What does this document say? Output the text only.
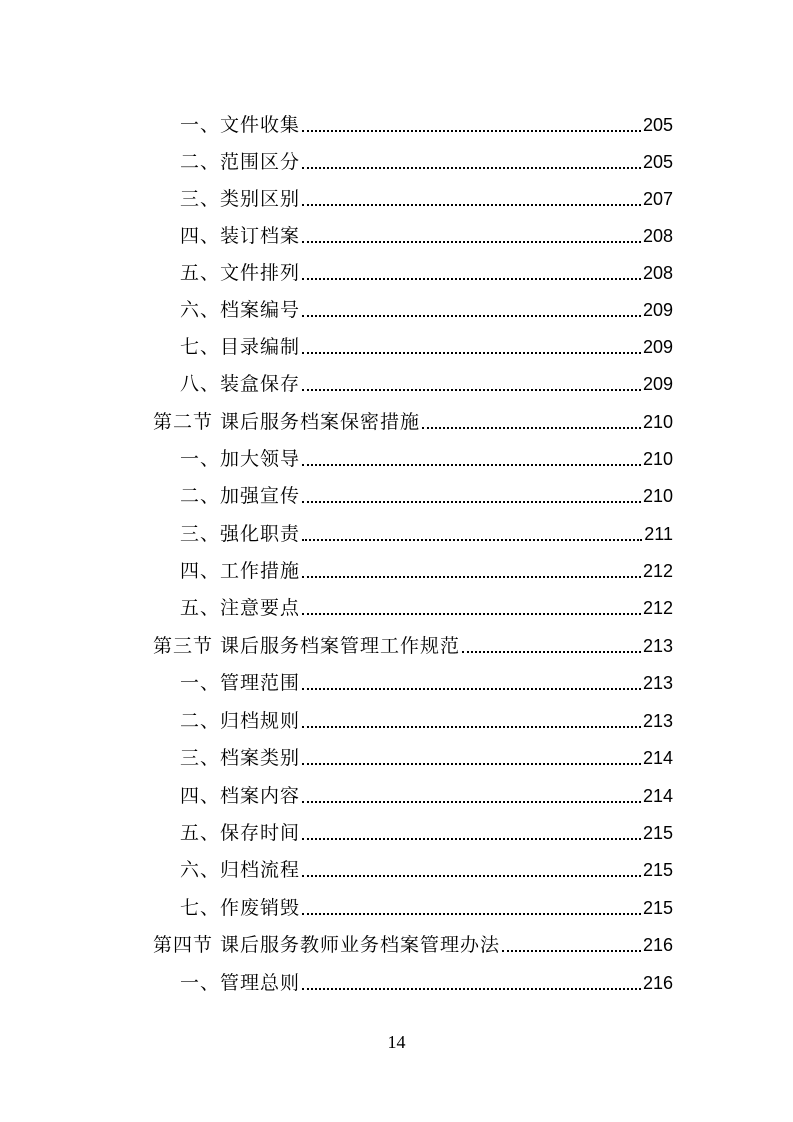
一、文件收集	205
二、范围区分	205
三、类别区别	207
四、装订档案	208
五、文件排列	208
六、档案编号	209
七、目录编制	209
八、装盒保存	209
第二节 课后服务档案保密措施	210
一、加大领导	210
二、加强宣传	210
三、强化职责	211
四、工作措施	212
五、注意要点	212
第三节 课后服务档案管理工作规范	213
一、管理范围	213
二、归档规则	213
三、档案类别	214
四、档案内容	214
五、保存时间	215
六、归档流程	215
七、作废销毁	215
第四节 课后服务教师业务档案管理办法	216
一、管理总则	216
14
